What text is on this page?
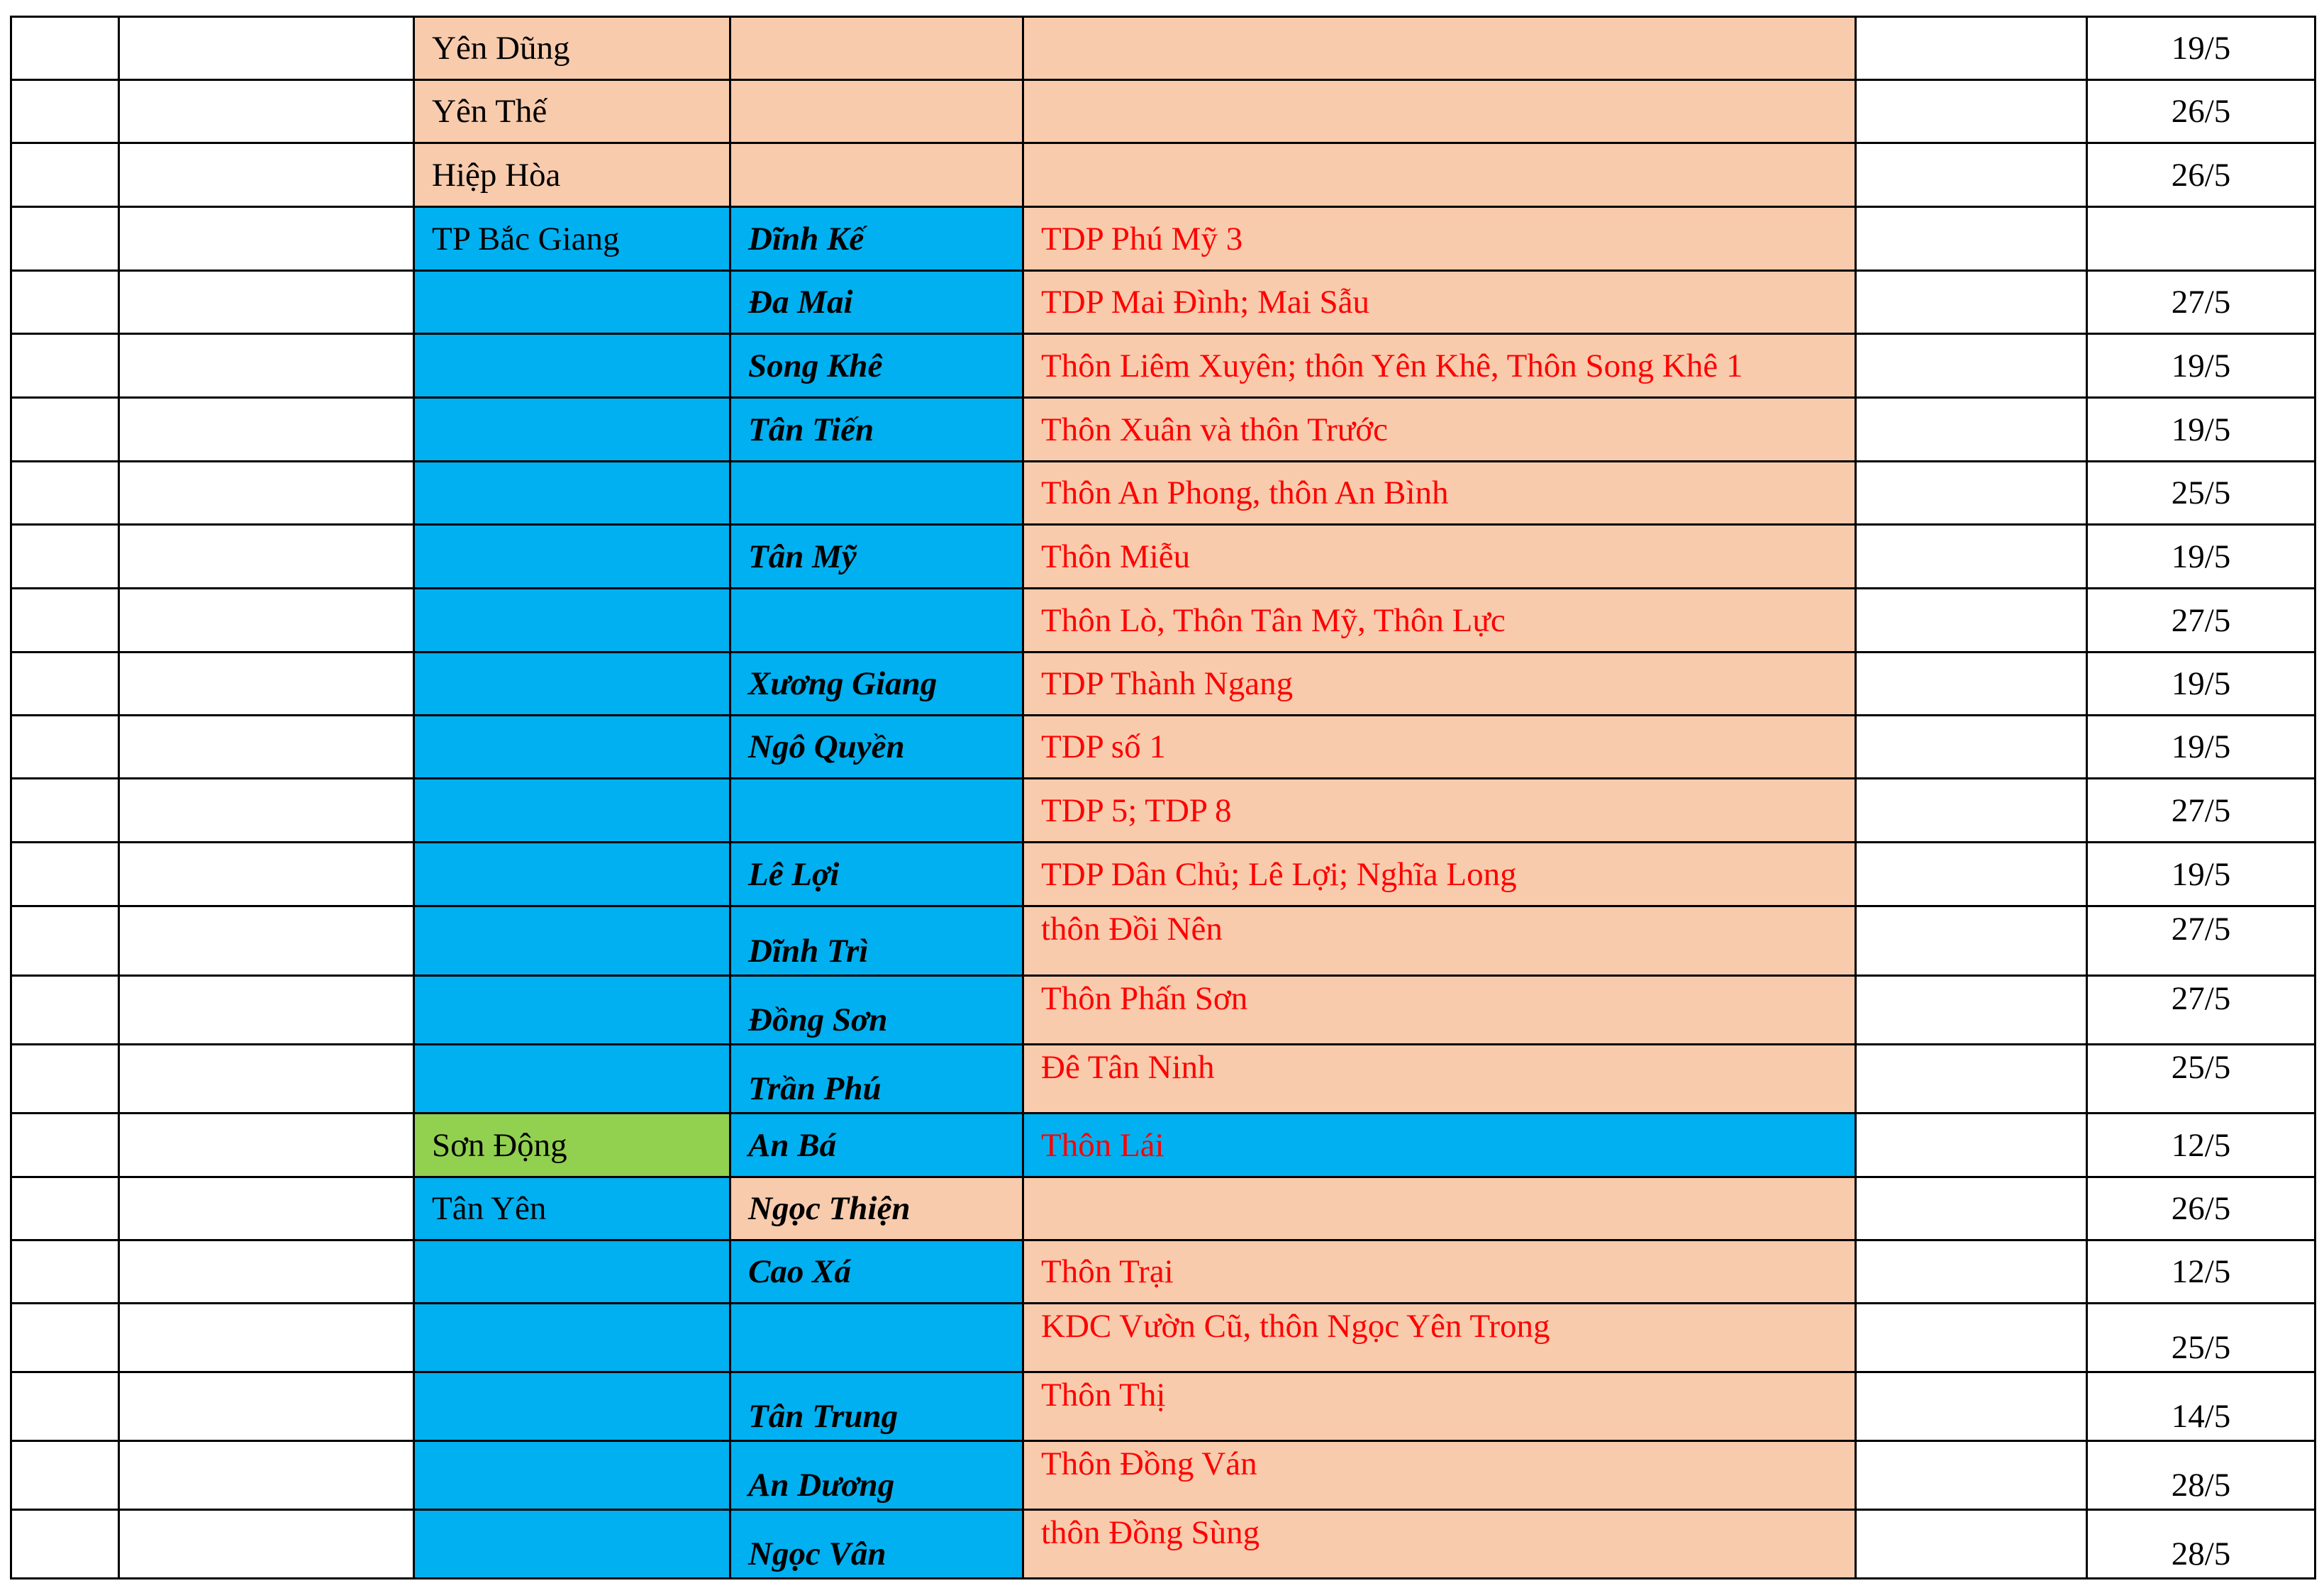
		Yên Dũng				19/5
		Yên Thế				26/5
		Hiệp Hòa				26/5
		TP Bắc Giang	Dĩnh Kế	TDP Phú Mỹ 3		
			Đa Mai	TDP Mai Đình; Mai Sẫu		27/5
			Song Khê	Thôn Liêm Xuyên; thôn Yên Khê, Thôn Song Khê 1		19/5
			Tân Tiến	Thôn Xuân và thôn Trước		19/5
				Thôn An Phong, thôn An Bình		25/5
			Tân Mỹ	Thôn Miễu		19/5
				Thôn Lò, Thôn Tân Mỹ, Thôn Lực		27/5
			Xương Giang	TDP Thành Ngang		19/5
			Ngô Quyền	TDP số 1		19/5
				TDP 5; TDP 8		27/5
			Lê Lợi	TDP Dân Chủ; Lê Lợi; Nghĩa Long		19/5
			Dĩnh Trì	thôn Đồi Nên		27/5
			Đồng Sơn	Thôn Phấn Sơn		27/5
			Trần Phú	Đê Tân Ninh		25/5
		Sơn Động	An Bá	Thôn Lái		12/5
		Tân Yên	Ngọc Thiện			26/5
			Cao Xá	Thôn Trại		12/5
				KDC Vườn Cũ, thôn Ngọc Yên Trong		25/5
			Tân Trung	Thôn Thị		14/5
			An Dương	Thôn Đồng Ván		28/5
			Ngọc Vân	thôn Đồng Sùng		28/5
